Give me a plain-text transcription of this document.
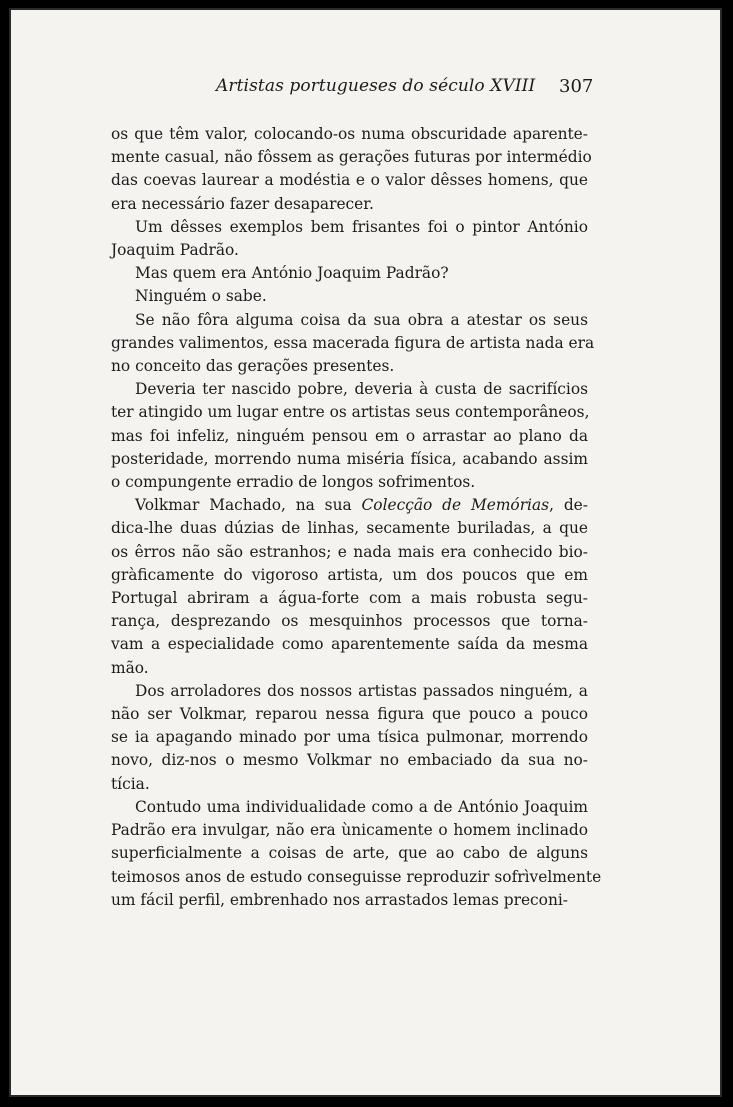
Artistas portugueses do século XVIII 307

os que têm valor, colocando-os numa obscuridade aparente-
mente casual, não fôssem as gerações futuras por intermédio
das coevas laurear a modéstia e o valor dêsses homens, que
era necessário fazer desaparecer.

Um dêsses exemplos bem frisantes foi o pintor António
Joaquim Padrão.

Mas quem era António Joaquim Padrão?

Ninguém o sabe.

Se não fôra alguma coisa da sua obra a atestar os seus
grandes valimentos, essa macerada figura de artista nada era
no conceito das gerações presentes.

Deveria ter nascido pobre, deveria à custa de sacrifícios
ter atingido um lugar entre os artistas seus contemporâneos,
mas foi infeliz, ninguém pensou em o arrastar ao plano da
posteridade, morrendo numa miséria física, acabando assim
o compungente erradio de longos sofrimentos.

Volkmar Machado, na sua Colecção de Memórias, de-
dica-lhe duas dúzias de linhas, secamente buriladas, a que
os êrros não são estranhos; e nada mais era conhecido bio-
gràficamente do vigoroso artista, um dos poucos que em
Portugal abriram a água-forte com a mais robusta segu-
rança, desprezando os mesquinhos processos que torna-
vam a especialidade como aparentemente saída da mesma
mão.

Dos arroladores dos nossos artistas passados ninguém, a
não ser Volkmar, reparou nessa figura que pouco a pouco
se ia apagando minado por uma tísica pulmonar, morrendo
novo, diz-nos o mesmo Volkmar no embaciado da sua no-
tícia.

Contudo uma individualidade como a de António Joaquim
Padrão era invulgar, não era ùnicamente o homem inclinado
superficialmente a coisas de arte, que ao cabo de alguns
teimosos anos de estudo conseguisse reproduzir sofrìvelmente
um fácil perfil, embrenhado nos arrastados lemas preconi-
